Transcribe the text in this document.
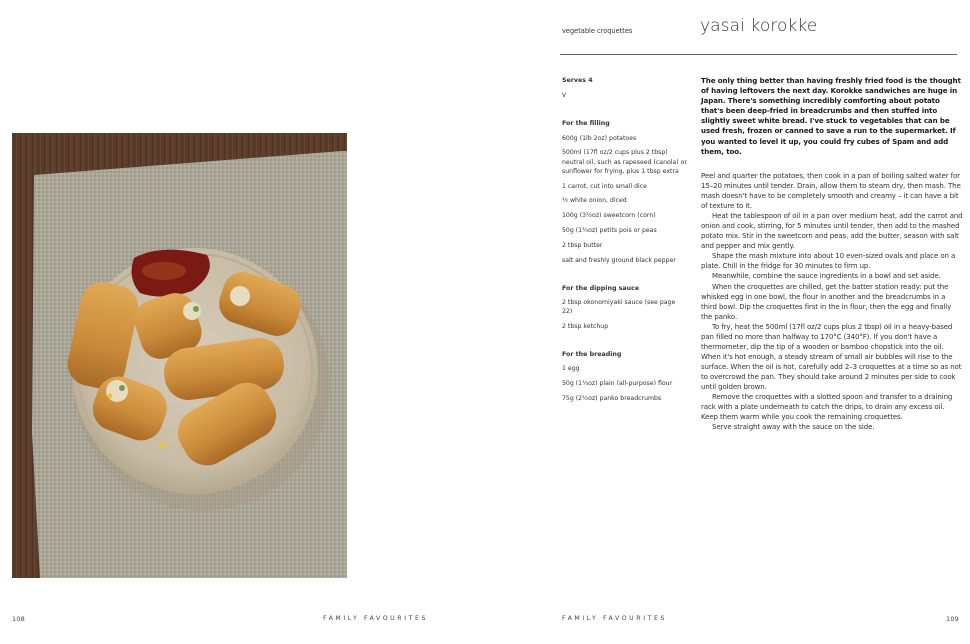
108	FAMILY FAVOURITES
vegetable croquettes	yasai korokke
Serves 4
V
For the filling
600g (1lb 2oz) potatoes
500ml (17fl oz/2 cups plus 2 tbsp) neutral oil, such as rapeseed (canola) or sunflower for frying, plus 1 tbsp extra
1 carrot, cut into small dice
½ white onion, diced
100g (3½oz) sweetcorn (corn)
50g (1¾oz) petits pois or peas
2 tbsp butter
salt and freshly ground black pepper
For the dipping sauce
2 tbsp okonomiyaki sauce (see page 22)
2 tbsp ketchup
For the breading
1 egg
50g (1¾oz) plain (all-purpose) flour
75g (2½oz) panko breadcrumbs
The only thing better than having freshly fried food is the thought of having leftovers the next day. Korokke sandwiches are huge in Japan. There's something incredibly comforting about potato that's been deep-fried in breadcrumbs and then stuffed into slightly sweet white bread. I've stuck to vegetables that can be used fresh, frozen or canned to save a run to the supermarket. If you wanted to level it up, you could fry cubes of Spam and add them, too.

Peel and quarter the potatoes, then cook in a pan of boiling salted water for 15–20 minutes until tender. Drain, allow them to steam dry, then mash. The mash doesn't have to be completely smooth and creamy – it can have a bit of texture to it.

Heat the tablespoon of oil in a pan over medium heat, add the carrot and onion and cook, stirring, for 5 minutes until tender, then add to the mashed potato mix. Stir in the sweetcorn and peas, add the butter, season with salt and pepper and mix gently.

Shape the mash mixture into about 10 even-sized ovals and place on a plate. Chill in the fridge for 30 minutes to firm up.

Meanwhile, combine the sauce ingredients in a bowl and set aside.

When the croquettes are chilled, get the batter station ready: put the whisked egg in one bowl, the flour in another and the breadcrumbs in a third bowl. Dip the croquettes first in the in flour, then the egg and finally the panko.

To fry, heat the 500ml (17fl oz/2 cups plus 2 tbsp) oil in a heavy-based pan filled no more than halfway to 170°C (340°F). If you don't have a thermometer, dip the tip of a wooden or bamboo chopstick into the oil. When it's hot enough, a steady stream of small air bubbles will rise to the surface. When the oil is hot, carefully add 2–3 croquettes at a time so as not to overcrowd the pan. They should take around 2 minutes per side to cook until golden brown.

Remove the croquettes with a slotted spoon and transfer to a draining rack with a plate underneath to catch the drips, to drain any excess oil. Keep them warm while you cook the remaining croquettes.

Serve straight away with the sauce on the side.

FAMILY FAVOURITES	109
